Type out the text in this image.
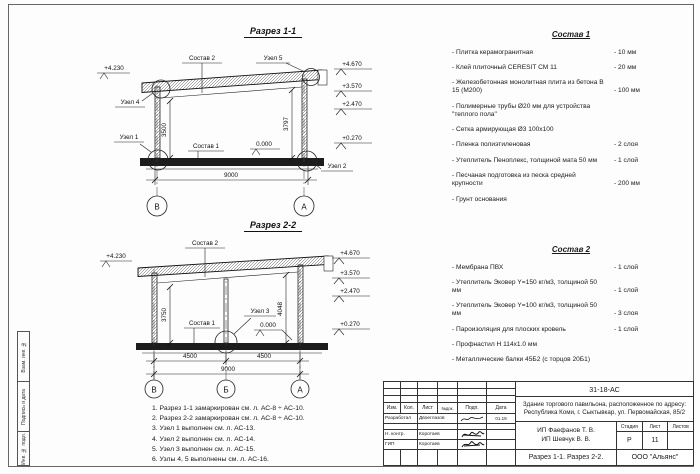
Взам. инв. №
Подпись и дата
Инв. № подл.
Разрез 1-1
В	А
9000
3500	3797
Состав 2	Узел 5
+4.230
Узел 4
Узел 1
Узел 2
Состав 1	0.000
+4.670
+3.570
+2.470
+0.270
Разрез 2-2
В	Б	А
4500	4500
9000
3750	4048
Состав 2
+4.230
Узел 3
Состав 1	0.000
+4.670
+3.570
+2.470
+0.270
Состав 1
- Плитка керамогранитная	- 10 мм
- Клей плиточный CERESIT СМ 11	- 20 мм
- Железобетонная монолитная плита из бетона В 15 (М200)	- 100 мм
- Полимерные трубы Ø20 мм для устройства "теплого пола"
- Сетка армирующая Ø3 100х100
- Пленка полиэтиленовая	- 2 слоя
- Утеплитель Пеноплекс, толщиной мата 50 мм	- 1 слой
- Песчаная подготовка из песка средней крупности	- 200 мм
- Грунт основания
Состав 2
- Мембрана ПВХ	- 1 слой
- Утеплитель Эковер Y=150 кг/м3, толщиной 50 мм	- 1 слой
- Утеплитель Эковер Y=100 кг/м3, толщиной 50 мм	- 3 слоя
- Пароизоляция для плоских кровель	- 1 слой
- Профнастил Н 114х1.0 мм
- Металлические балки 45Б2 (с торцов 20Б1)
1. Разрез 1-1 замаркирован см. л. АС-8 ÷ АС-10.
2. Разрез 2-2 замаркирован см. л. АС-8 ÷ АС-10.
3. Узел 1 выполнен см. л. АС-13.
4. Узел 2 выполнен см. л. АС-14.
5. Узел 3 выполнен см. л. АС-15.
6. Узлы 4, 5 выполнены см. л. АС-16.
Изм.	Кол.	Лист	№док.	Подп.	Дата
Разработал	Двоеглазов	01.19
Н. контр.	Коротаев
ГИП	Коротаев
31-18-АС
Здание торгового павильона, расположенное по адресу: Республика Коми, г. Сыктывкар, ул. Первомайская, 85/2
ИП Фаефанов Т. В.
ИП Шевчук В. В.
Стадия	Лист	Листов
Р	11
Разрез 1-1. Разрез 2-2.	ООО "Альянс"
